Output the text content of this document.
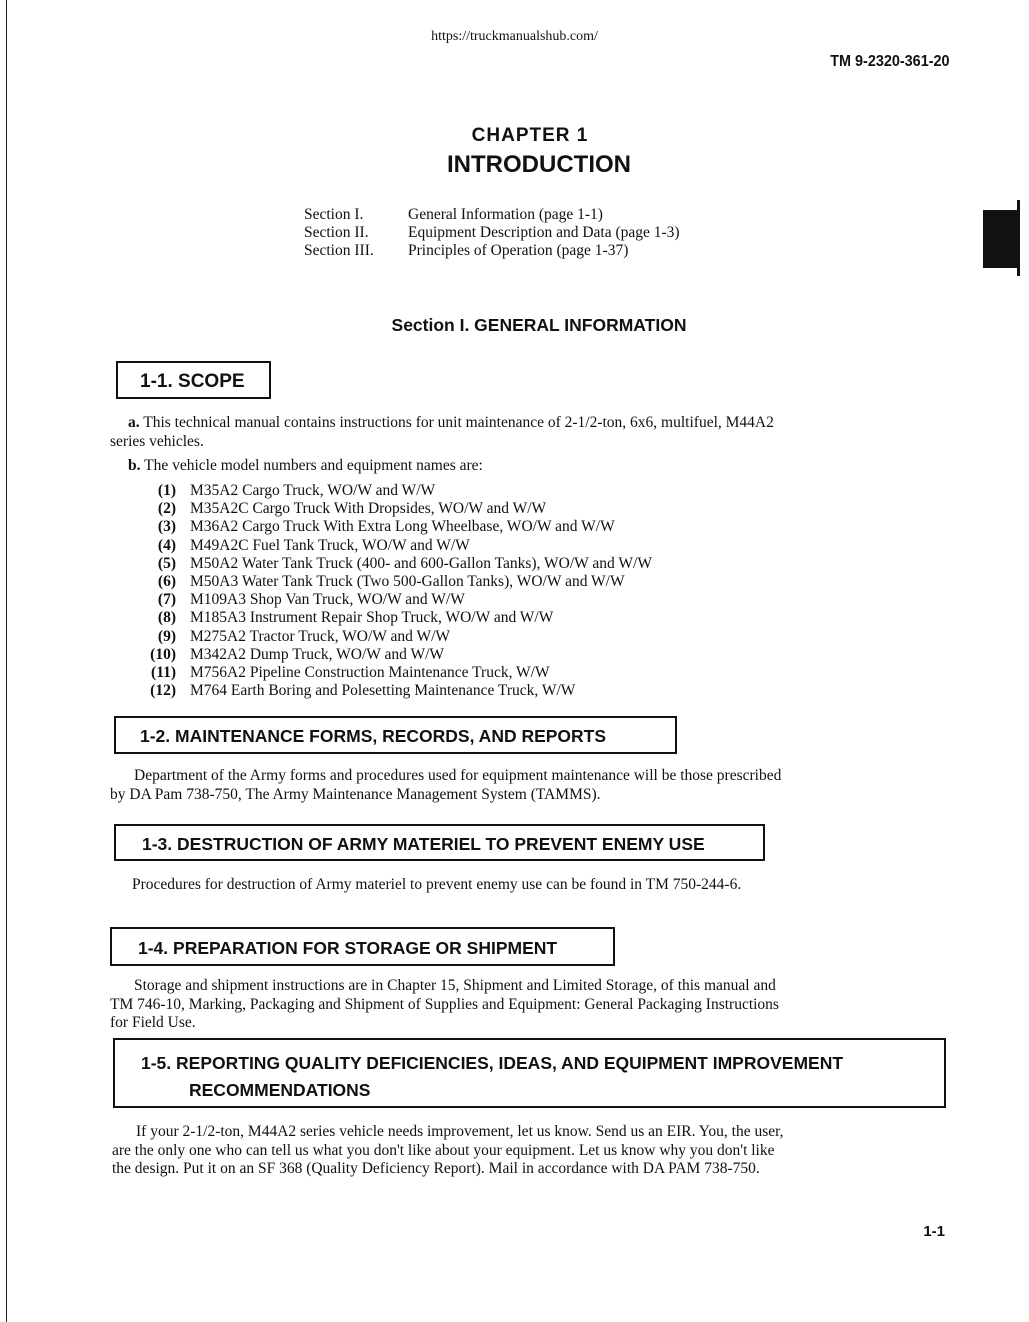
https://truckmanualshub.com/
TM 9-2320-361-20
CHAPTER 1
INTRODUCTION
Section I.	General Information (page 1-1)
Section II.	Equipment Description and Data (page 1-3)
Section III.	Principles of Operation (page 1-37)
Section I. GENERAL INFORMATION
1-1. SCOPE
a. This technical manual contains instructions for unit maintenance of 2-1/2-ton, 6x6, multifuel, M44A2
series vehicles.
b. The vehicle model numbers and equipment names are:
(1) M35A2 Cargo Truck, WO/W and W/W
(2) M35A2C Cargo Truck With Dropsides, WO/W and W/W
(3) M36A2 Cargo Truck With Extra Long Wheelbase, WO/W and W/W
(4) M49A2C Fuel Tank Truck, WO/W and W/W
(5) M50A2 Water Tank Truck (400- and 600-Gallon Tanks), WO/W and W/W
(6) M50A3 Water Tank Truck (Two 500-Gallon Tanks), WO/W and W/W
(7) M109A3 Shop Van Truck, WO/W and W/W
(8) M185A3 Instrument Repair Shop Truck, WO/W and W/W
(9) M275A2 Tractor Truck, WO/W and W/W
(10) M342A2 Dump Truck, WO/W and W/W
(11) M756A2 Pipeline Construction Maintenance Truck, W/W
(12) M764 Earth Boring and Polesetting Maintenance Truck, W/W
1-2. MAINTENANCE FORMS, RECORDS, AND REPORTS
Department of the Army forms and procedures used for equipment maintenance will be those prescribed
by DA Pam 738-750, The Army Maintenance Management System (TAMMS).
1-3. DESTRUCTION OF ARMY MATERIEL TO PREVENT ENEMY USE
Procedures for destruction of Army materiel to prevent enemy use can be found in TM 750-244-6.
1-4. PREPARATION FOR STORAGE OR SHIPMENT
Storage and shipment instructions are in Chapter 15, Shipment and Limited Storage, of this manual and
TM 746-10, Marking, Packaging and Shipment of Supplies and Equipment: General Packaging Instructions
for Field Use.
1-5. REPORTING QUALITY DEFICIENCIES, IDEAS, AND EQUIPMENT IMPROVEMENT
RECOMMENDATIONS
If your 2-1/2-ton, M44A2 series vehicle needs improvement, let us know. Send us an EIR. You, the user,
are the only one who can tell us what you don't like about your equipment. Let us know why you don't like
the design. Put it on an SF 368 (Quality Deficiency Report). Mail in accordance with DA PAM 738-750.
1-1
